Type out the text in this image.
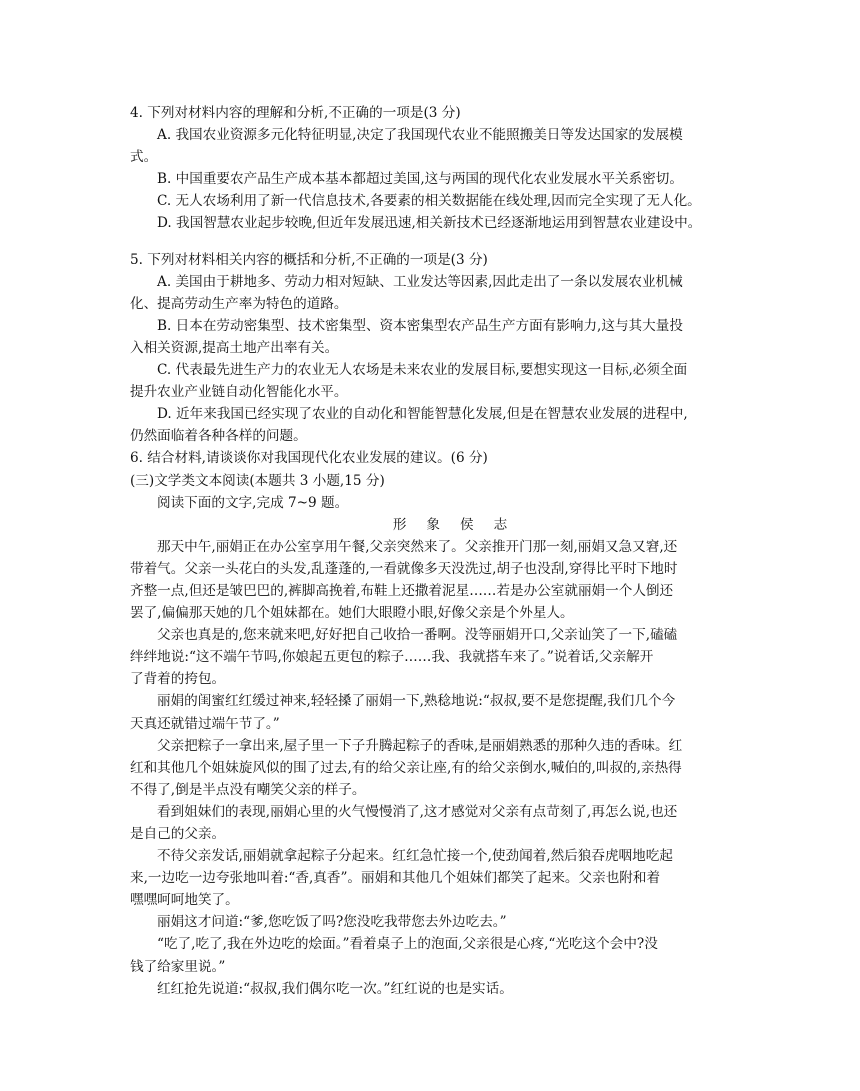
4. 下列对材料内容的理解和分析,不正确的一项是(3 分)
A. 我国农业资源多元化特征明显,决定了我国现代农业不能照搬美日等发达国家的发展模
式。
B. 中国重要农产品生产成本基本都超过美国,这与两国的现代化农业发展水平关系密切。
C. 无人农场利用了新一代信息技术,各要素的相关数据能在线处理,因而完全实现了无人化。
D. 我国智慧农业起步较晚,但近年发展迅速,相关新技术已经逐渐地运用到智慧农业建设中。
5. 下列对材料相关内容的概括和分析,不正确的一项是(3 分)
A. 美国由于耕地多、劳动力相对短缺、工业发达等因素,因此走出了一条以发展农业机械
化、提高劳动生产率为特色的道路。
B. 日本在劳动密集型、技术密集型、资本密集型农产品生产方面有影响力,这与其大量投
入相关资源,提高土地产出率有关。
C. 代表最先进生产力的农业无人农场是未来农业的发展目标,要想实现这一目标,必须全面
提升农业产业链自动化智能化水平。
D. 近年来我国已经实现了农业的自动化和智能智慧化发展,但是在智慧农业发展的进程中,
仍然面临着各种各样的问题。
6. 结合材料,请谈谈你对我国现代化农业发展的建议。(6 分)
(三)文学类文本阅读(本题共 3 小题,15 分)
阅读下面的文字,完成 7~9 题。
形象侯志
那天中午,丽娟正在办公室享用午餐,父亲突然来了。父亲推开门那一刻,丽娟又急又窘,还
带着气。父亲一头花白的头发,乱蓬蓬的,一看就像多天没洗过,胡子也没刮,穿得比平时下地时
齐整一点,但还是皱巴巴的,裤脚高挽着,布鞋上还撒着泥星……若是办公室就丽娟一个人倒还
罢了,偏偏那天她的几个姐妹都在。她们大眼瞪小眼,好像父亲是个外星人。
父亲也真是的,您来就来吧,好好把自己收拾一番啊。没等丽娟开口,父亲讪笑了一下,磕磕
绊绊地说:“这不端午节吗,你娘起五更包的粽子……我、我就搭车来了。”说着话,父亲解开
了背着的挎包。
丽娟的闺蜜红红缓过神来,轻轻搡了丽娟一下,熟稔地说:“叔叔,要不是您提醒,我们几个今
天真还就错过端午节了。”
父亲把粽子一拿出来,屋子里一下子升腾起粽子的香味,是丽娟熟悉的那种久违的香味。红
红和其他几个姐妹旋风似的围了过去,有的给父亲让座,有的给父亲倒水,喊伯的,叫叔的,亲热得
不得了,倒是半点没有嘲笑父亲的样子。
看到姐妹们的表现,丽娟心里的火气慢慢消了,这才感觉对父亲有点苛刻了,再怎么说,也还
是自己的父亲。
不待父亲发话,丽娟就拿起粽子分起来。红红急忙接一个,使劲闻着,然后狼吞虎咽地吃起
来,一边吃一边夸张地叫着:“香,真香”。丽娟和其他几个姐妹们都笑了起来。父亲也附和着
嘿嘿呵呵地笑了。
丽娟这才问道:“爹,您吃饭了吗?您没吃我带您去外边吃去。”
“吃了,吃了,我在外边吃的烩面。”看着桌子上的泡面,父亲很是心疼,“光吃这个会中?没
钱了给家里说。”
红红抢先说道:“叔叔,我们偶尔吃一次。”红红说的也是实话。
